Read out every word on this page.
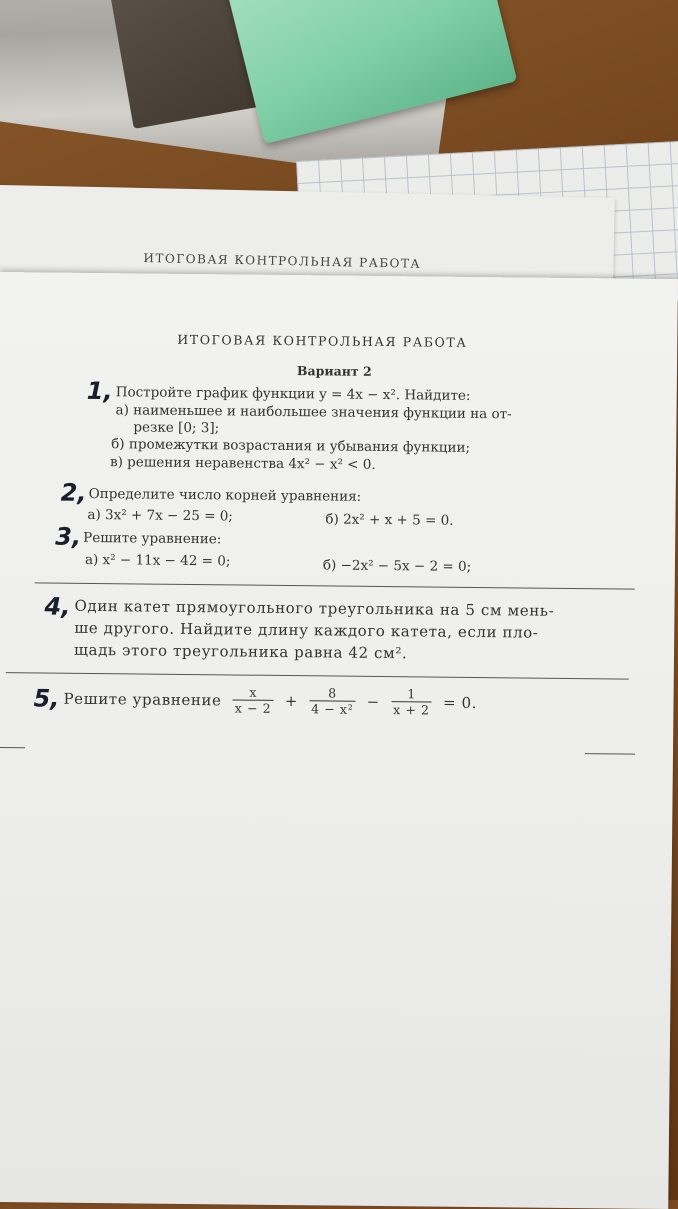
ИТОГОВАЯ КОНТРОЛЬНАЯ РАБОТА
ИТОГОВАЯ КОНТРОЛЬНАЯ РАБОТА
Вариант 2
1, Постройте график функции y = 4x − x². Найдите:
а) наименьшее и наибольшее значения функции на от-
резке [0; 3];
б) промежутки возрастания и убывания функции;
в) решения неравенства 4x² − x² < 0.
2, Определите число корней уравнения:
а) 3x² + 7x − 25 = 0;	б) 2x² + x + 5 = 0.
3, Решите уравнение:
а) x² − 11x − 42 = 0;	б) −2x² − 5x − 2 = 0;
4, Один катет прямоугольного треугольника на 5 см мень-
ше другого. Найдите длину каждого катета, если пло-
щадь этого треугольника равна 42 см².
5, Решите уравнение $\frac{x}{x - 2} + \frac{8}{\text{4 − x²}} - \frac{1}{x + 2} = 0$.
